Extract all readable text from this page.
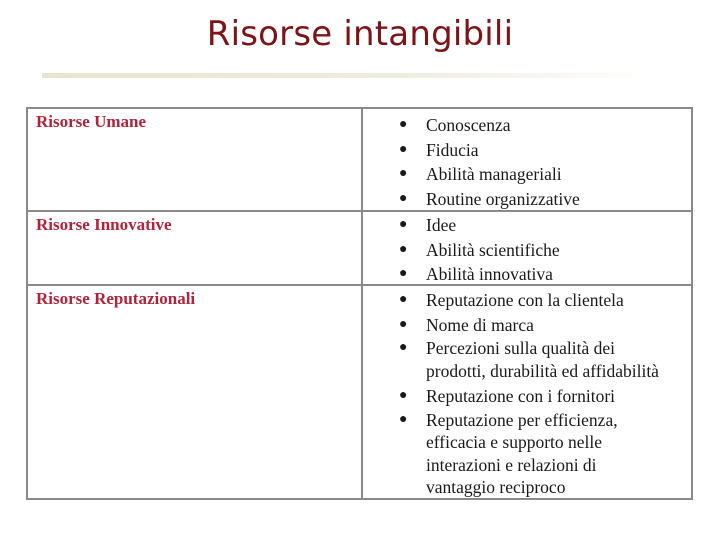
Risorse intangibili
Risorse Umane	● Conoscenza
● Fiducia
● Abilità manageriali
● Routine organizzative
Risorse Innovative	● Idee
● Abilità scientifiche
● Abilità innovativa
Risorse Reputazionali	● Reputazione con la clientela
● Nome di marca
● Percezioni sulla qualità dei
prodotti, durabilità ed affidabilità
● Reputazione con i fornitori
● Reputazione per efficienza,
efficacia e supporto nelle
interazioni e relazioni di
vantaggio reciproco
